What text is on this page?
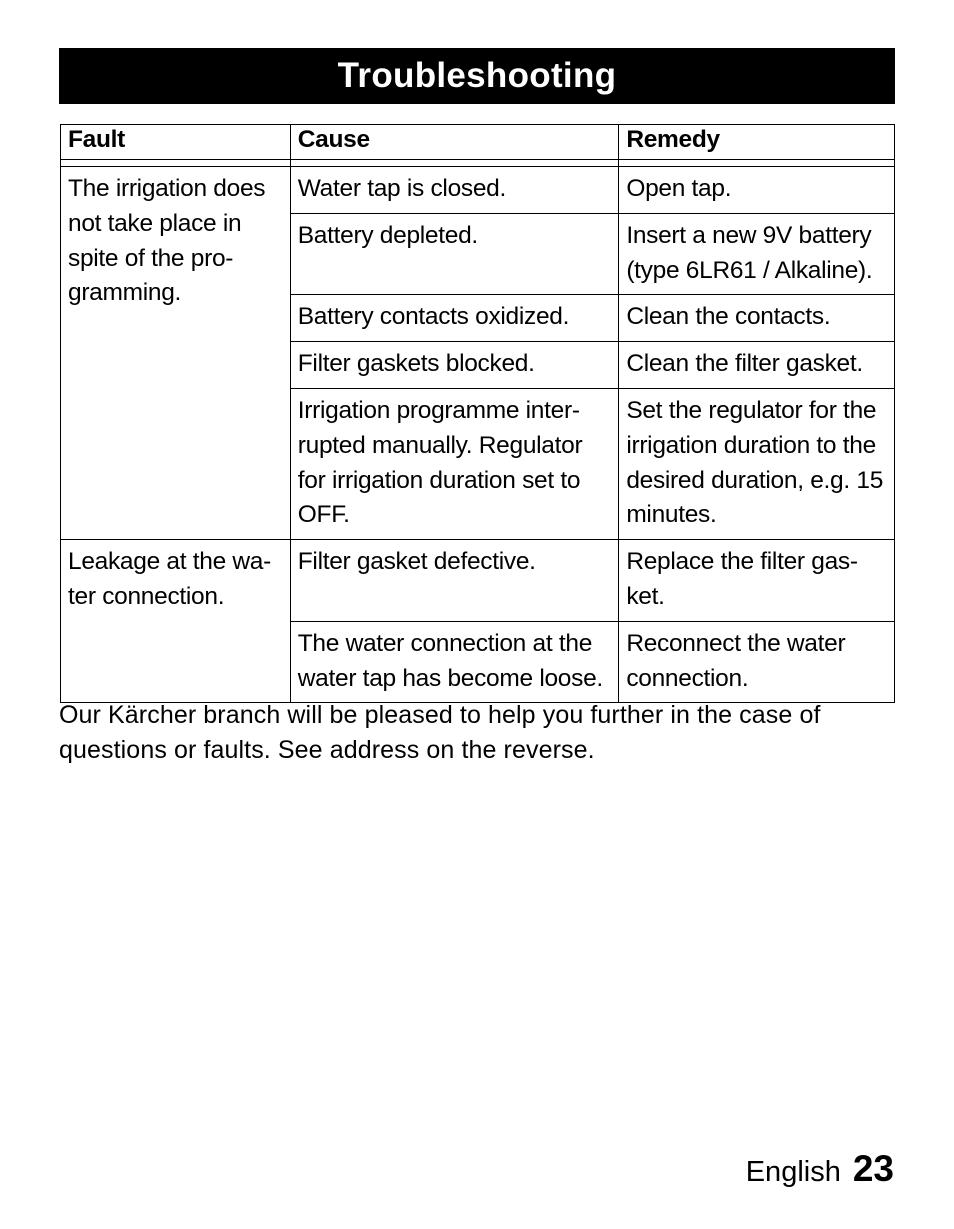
Troubleshooting
Fault	Cause	Remedy

The irrigation does not take place in spite of the pro-gramming.	Water tap is closed.	Open tap.
	Battery depleted.	Insert a new 9V battery (type 6LR61 / Alkaline).
	Battery contacts oxidized.	Clean the contacts.
	Filter gaskets blocked.	Clean the filter gasket.
	Irrigation programme inter-rupted manually. Regulator for irrigation duration set to OFF.	Set the regulator for the irrigation duration to the desired duration, e.g. 15 minutes.
Leakage at the wa-ter connection.	Filter gasket defective.	Replace the filter gas-ket.
	The water connection at the water tap has become loose.	Reconnect the water connection.
Our Kärcher branch will be pleased to help you further in the case of questions or faults. See address on the reverse.
English 23
